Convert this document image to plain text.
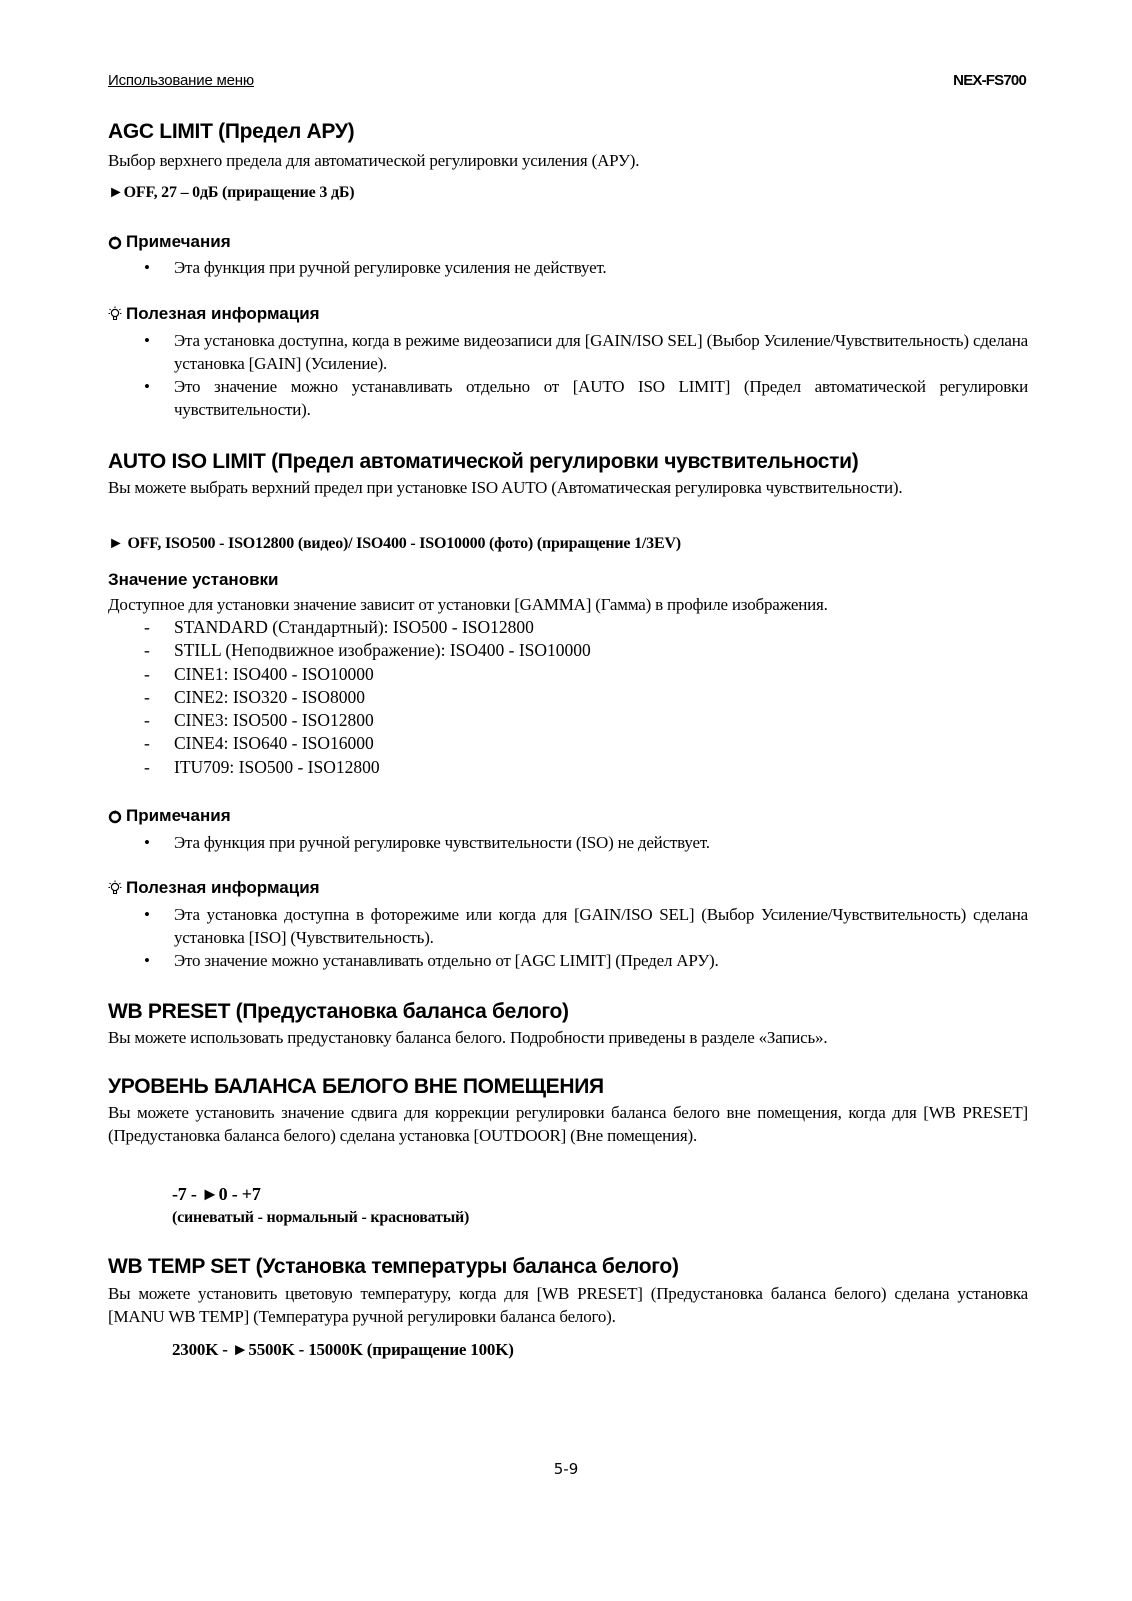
Использование меню	NEX-FS700
AGC LIMIT (Предел АРУ)
Выбор верхнего предела для автоматической регулировки усиления (АРУ).
►OFF, 27 – 0дБ (приращение 3 дБ)
Примечания
• Эта функция при ручной регулировке усиления не действует.
Полезная информация
• Эта установка доступна, когда в режиме видеозаписи для [GAIN/ISO SEL] (Выбор Усиление/Чувствительность) сделана установка [GAIN] (Усиление).
• Это значение можно устанавливать отдельно от [AUTO ISO LIMIT] (Предел автоматической регулировки чувствительности).
AUTO ISO LIMIT (Предел автоматической регулировки чувствительности)
Вы можете выбрать верхний предел при установке ISO AUTO (Автоматическая регулировка чувствительности).
► OFF, ISO500 - ISO12800 (видео)/ ISO400 - ISO10000 (фото) (приращение 1/3EV)
Значение установки
Доступное для установки значение зависит от установки [GAMMA] (Гамма) в профиле изображения.
- STANDARD (Стандартный): ISO500 - ISO12800
- STILL (Неподвижное изображение): ISO400 - ISO10000
- CINE1: ISO400 - ISO10000
- CINE2: ISO320 - ISO8000
- CINE3: ISO500 - ISO12800
- CINE4: ISO640 - ISO16000
- ITU709: ISO500 - ISO12800
Примечания
• Эта функция при ручной регулировке чувствительности (ISO) не действует.
Полезная информация
• Эта установка доступна в фоторежиме или когда для [GAIN/ISO SEL] (Выбор Усиление/Чувствительность) сделана установка [ISO] (Чувствительность).
• Это значение можно устанавливать отдельно от [AGC LIMIT] (Предел АРУ).
WB PRESET (Предустановка баланса белого)
Вы можете использовать предустановку баланса белого. Подробности приведены в разделе «Запись».
УРОВЕНЬ БАЛАНСА БЕЛОГО ВНЕ ПОМЕЩЕНИЯ
Вы можете установить значение сдвига для коррекции регулировки баланса белого вне помещения, когда для [WB PRESET] (Предустановка баланса белого) сделана установка [OUTDOOR] (Вне помещения).
-7 - ►0 - +7
(синеватый - нормальный - красноватый)
WB TEMP SET (Установка температуры баланса белого)
Вы можете установить цветовую температуру, когда для [WB PRESET] (Предустановка баланса белого) сделана установка [MANU WB TEMP] (Температура ручной регулировки баланса белого).
2300K - ►5500K - 15000K (приращение 100K)
5-9
